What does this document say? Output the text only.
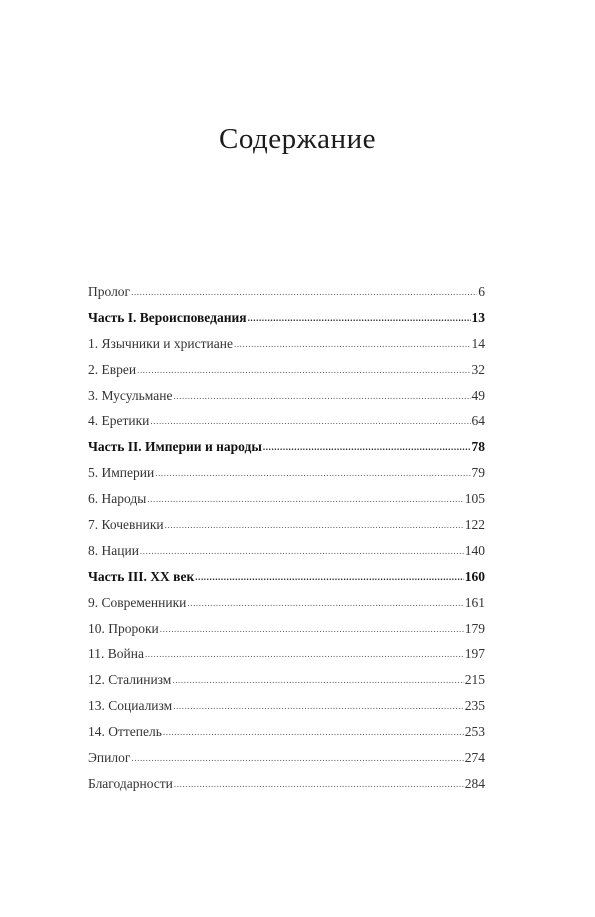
Содержание
Пролог .....	6
Часть I. Вероисповедания .....	13
1. Язычники и христиане .....	14
2. Евреи .....	32
3. Мусульмане .....	49
4. Еретики .....	64
Часть II. Империи и народы .....	78
5. Империи .....	79
6. Народы .....	105
7. Кочевники .....	122
8. Нации .....	140
Часть III. XX век .....	160
9. Современники .....	161
10. Пророки .....	179
11. Война .....	197
12. Сталинизм .....	215
13. Социализм .....	235
14. Оттепель .....	253
Эпилог .....	274
Благодарности .....	284
